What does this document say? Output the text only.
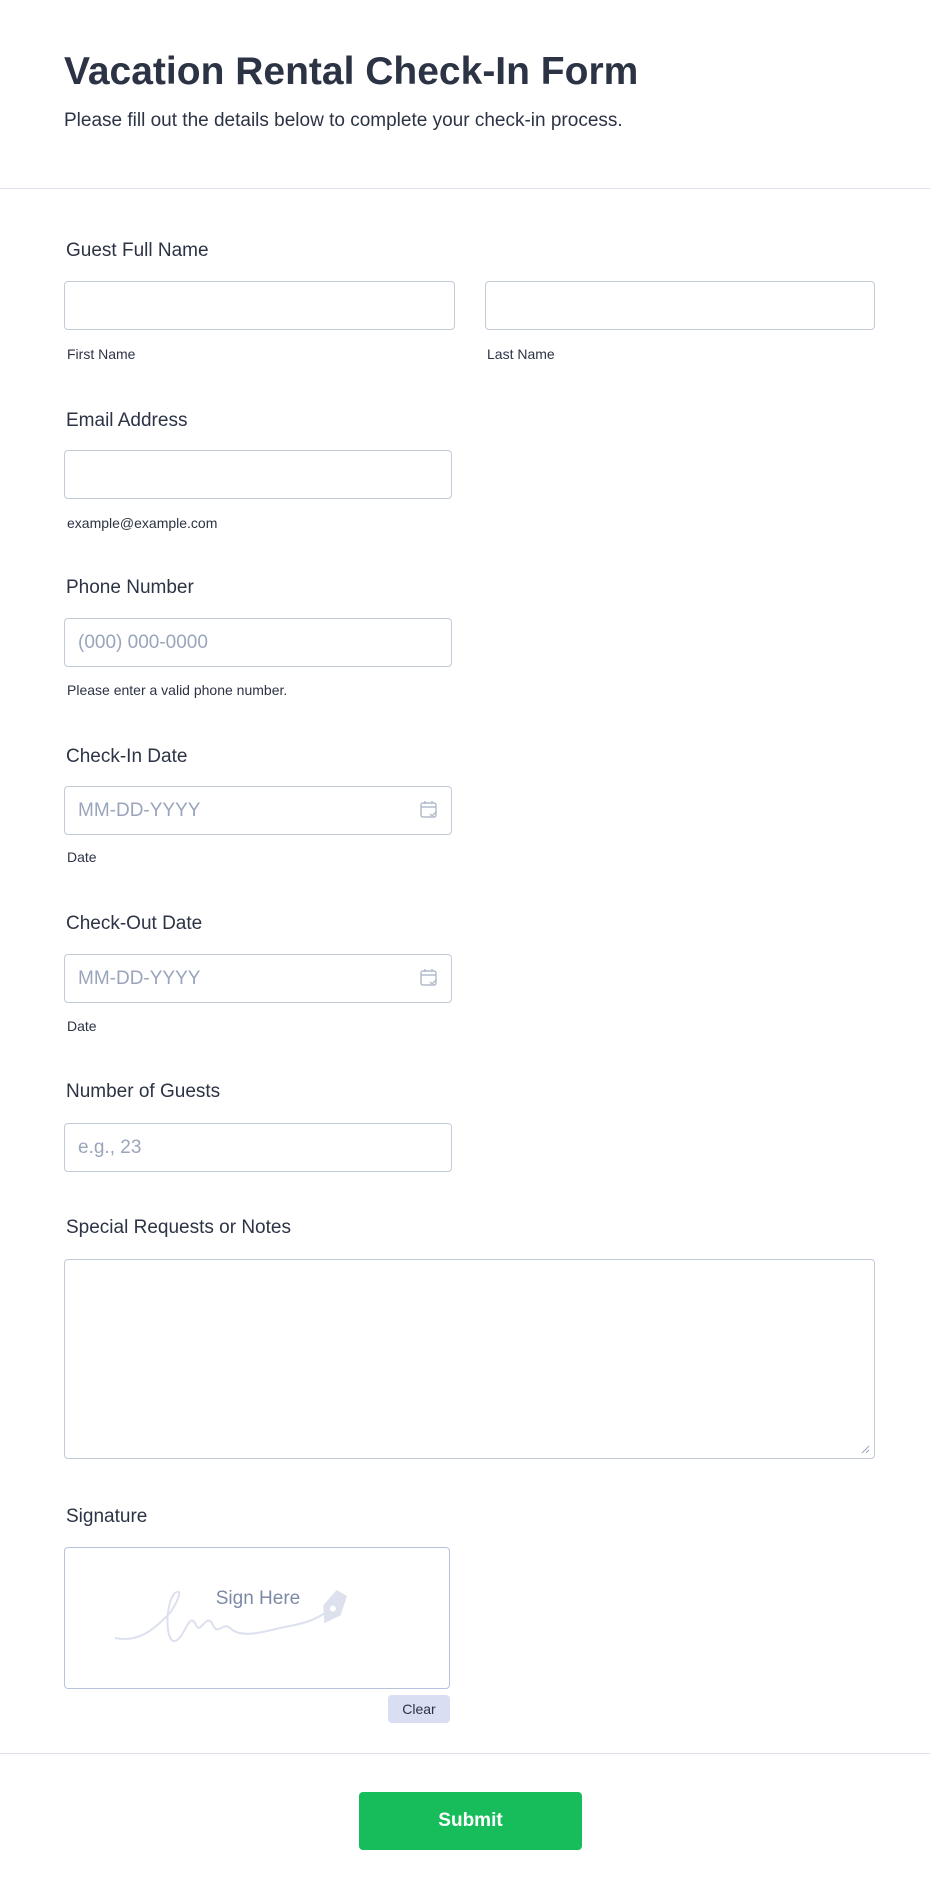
Vacation Rental Check-In Form
Please fill out the details below to complete your check-in process.
Guest Full Name
First Name	Last Name
Email Address
example@example.com
Phone Number
(000) 000-0000
Please enter a valid phone number.
Check-In Date
MM-DD-YYYY
Date
Check-Out Date
MM-DD-YYYY
Date
Number of Guests
e.g., 23
Special Requests or Notes
Signature
Sign Here
Clear
Submit
